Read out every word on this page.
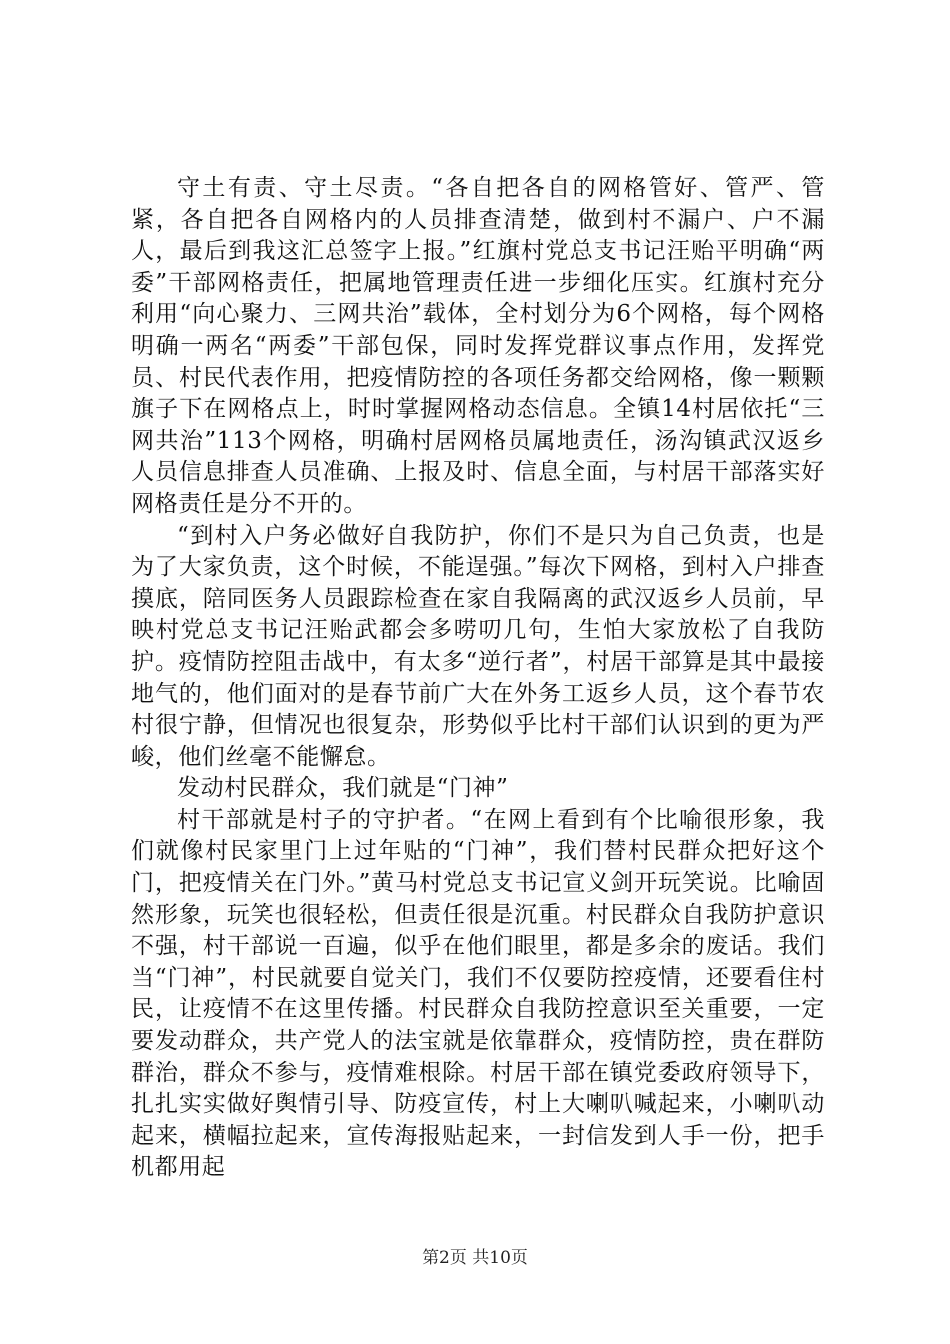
守土有责、守土尽责。“各自把各自的网格管好、管严、管紧，各自把各自网格内的人员排查清楚，做到村不漏户、户不漏人，最后到我这汇总签字上报。”红旗村党总支书记汪贻平明确“两委”干部网格责任，把属地管理责任进一步细化压实。红旗村充分利用“向心聚力、三网共治”载体，全村划分为6个网格，每个网格明确一两名“两委”干部包保，同时发挥党群议事点作用，发挥党员、村民代表作用，把疫情防控的各项任务都交给网格，像一颗颗旗子下在网格点上，时时掌握网格动态信息。全镇14村居依托“三网共治”113个网格，明确村居网格员属地责任，汤沟镇武汉返乡人员信息排查人员准确、上报及时、信息全面，与村居干部落实好网格责任是分不开的。

“到村入户务必做好自我防护，你们不是只为自己负责，也是为了大家负责，这个时候，不能逞强。”每次下网格，到村入户排查摸底，陪同医务人员跟踪检查在家自我隔离的武汉返乡人员前，早映村党总支书记汪贻武都会多唠叨几句，生怕大家放松了自我防护。疫情防控阻击战中，有太多“逆行者”，村居干部算是其中最接地气的，他们面对的是春节前广大在外务工返乡人员，这个春节农村很宁静，但情况也很复杂，形势似乎比村干部们认识到的更为严峻，他们丝毫不能懈怠。

发动村民群众，我们就是“门神”

村干部就是村子的守护者。“在网上看到有个比喻很形象，我们就像村民家里门上过年贴的“门神”，我们替村民群众把好这个门，把疫情关在门外。”黄马村党总支书记宣义剑开玩笑说。比喻固然形象，玩笑也很轻松，但责任很是沉重。村民群众自我防护意识不强，村干部说一百遍，似乎在他们眼里，都是多余的废话。我们当“门神”，村民就要自觉关门，我们不仅要防控疫情，还要看住村民，让疫情不在这里传播。村民群众自我防控意识至关重要，一定要发动群众，共产党人的法宝就是依靠群众，疫情防控，贵在群防群治，群众不参与，疫情难根除。村居干部在镇党委政府领导下，扎扎实实做好舆情引导、防疫宣传，村上大喇叭喊起来，小喇叭动起来，横幅拉起来，宣传海报贴起来，一封信发到人手一份，把手机都用起

第2页 共10页
